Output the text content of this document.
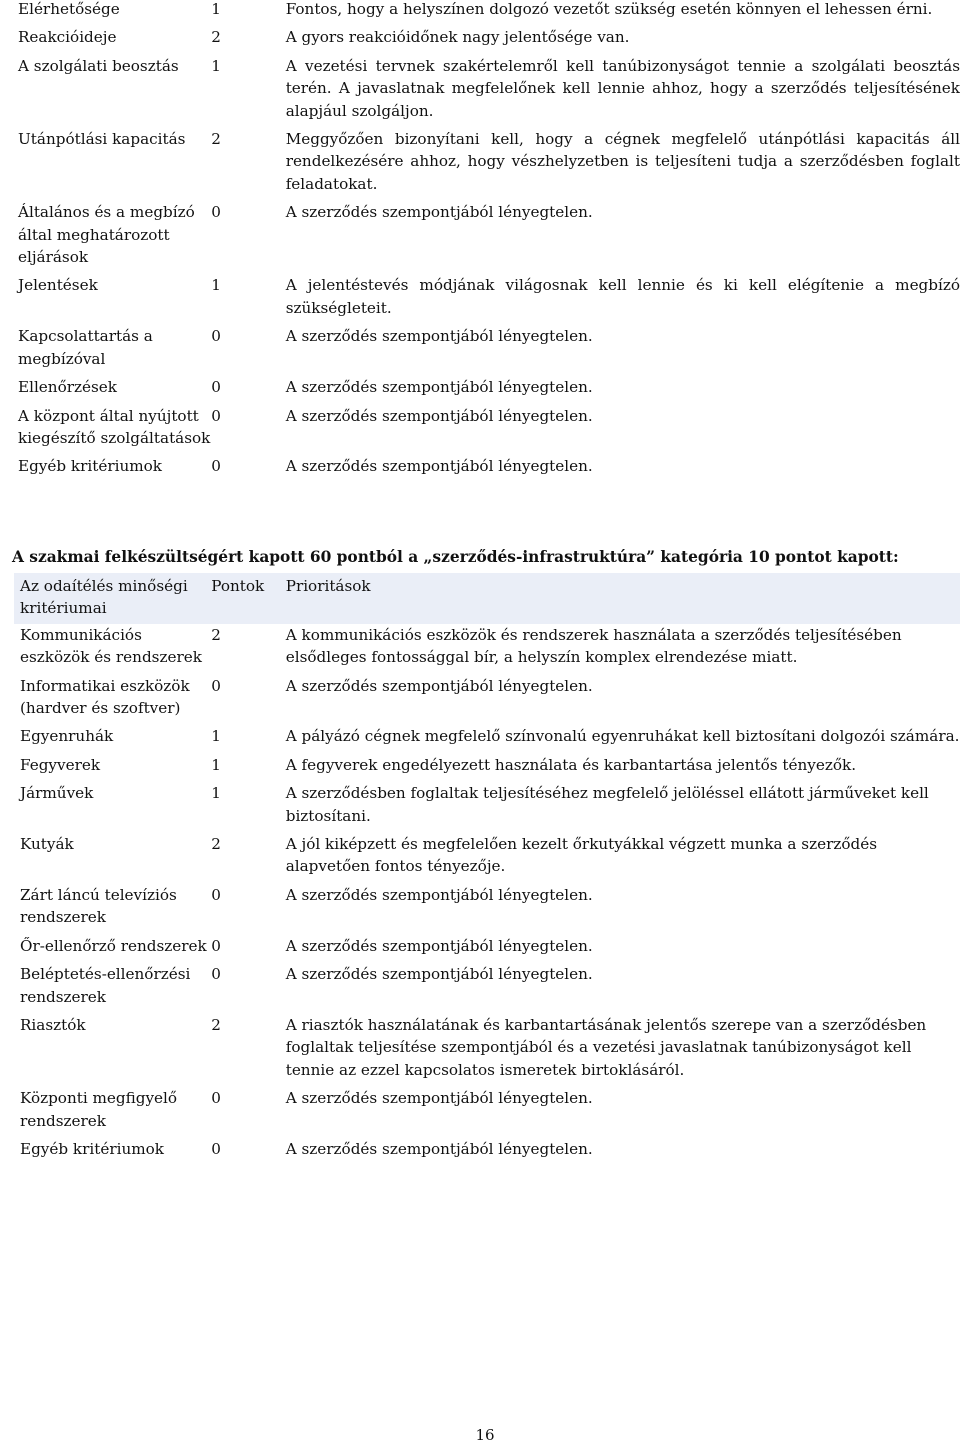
Elérhetősége	1	Fontos, hogy a helyszínen dolgozó vezetőt szükség esetén könnyen el lehessen érni.
Reakcióideje	2	A gyors reakcióidőnek nagy jelentősége van.
A szolgálati beosztás	1	A vezetési tervnek szakértelemről kell tanúbizonyságot tennie a szolgálati beosztás terén. A javaslatnak megfelelőnek kell lennie ahhoz, hogy a szerződés teljesítésének alapjául szolgáljon.
Utánpótlási kapacitás	2	Meggyőzően bizonyítani kell, hogy a cégnek megfelelő utánpótlási kapacitás áll rendelkezésére ahhoz, hogy vészhelyzetben is teljesíteni tudja a szerződésben foglalt feladatokat.
Általános és a megbízó által meghatározott eljárások	0	A szerződés szempontjából lényegtelen.
Jelentések	1	A jelentéstevés módjának világosnak kell lennie és ki kell elégítenie a megbízó szükségleteit.
Kapcsolattartás a megbízóval	0	A szerződés szempontjából lényegtelen.
Ellenőrzések	0	A szerződés szempontjából lényegtelen.
A központ által nyújtott kiegészítő szolgáltatások	0	A szerződés szempontjából lényegtelen.
Egyéb kritériumok	0	A szerződés szempontjából lényegtelen.
A szakmai felkészültségért kapott 60 pontból a „szerződés-infrastruktúra” kategória 10 pontot kapott:
Az odaítélés minőségi kritériumai	Pontok	Prioritások
Kommunikációs eszközök és rendszerek	2	A kommunikációs eszközök és rendszerek használata a szerződés teljesítésében elsődleges fontossággal bír, a helyszín komplex elrendezése miatt.
Informatikai eszközök (hardver és szoftver)	0	A szerződés szempontjából lényegtelen.
Egyenruhák	1	A pályázó cégnek megfelelő színvonalú egyenruhákat kell biztosítani dolgozói számára.
Fegyverek	1	A fegyverek engedélyezett használata és karbantartása jelentős tényezők.
Járművek	1	A szerződésben foglaltak teljesítéséhez megfelelő jelöléssel ellátott járműveket kell biztosítani.
Kutyák	2	A jól kiképzett és megfelelően kezelt őrkutyákkal végzett munka a szerződés alapvetően fontos tényezője.
Zárt láncú televíziós rendszerek	0	A szerződés szempontjából lényegtelen.
Őr-ellenőrző rendszerek	0	A szerződés szempontjából lényegtelen.
Beléptetés-ellenőrzési rendszerek	0	A szerződés szempontjából lényegtelen.
Riasztók	2	A riasztók használatának és karbantartásának jelentős szerepe van a szerződésben foglaltak teljesítése szempontjából és a vezetési javaslatnak tanúbizonyságot kell tennie az ezzel kapcsolatos ismeretek birtoklásáról.
Központi megfigyelő rendszerek	0	A szerződés szempontjából lényegtelen.
Egyéb kritériumok	0	A szerződés szempontjából lényegtelen.
16
